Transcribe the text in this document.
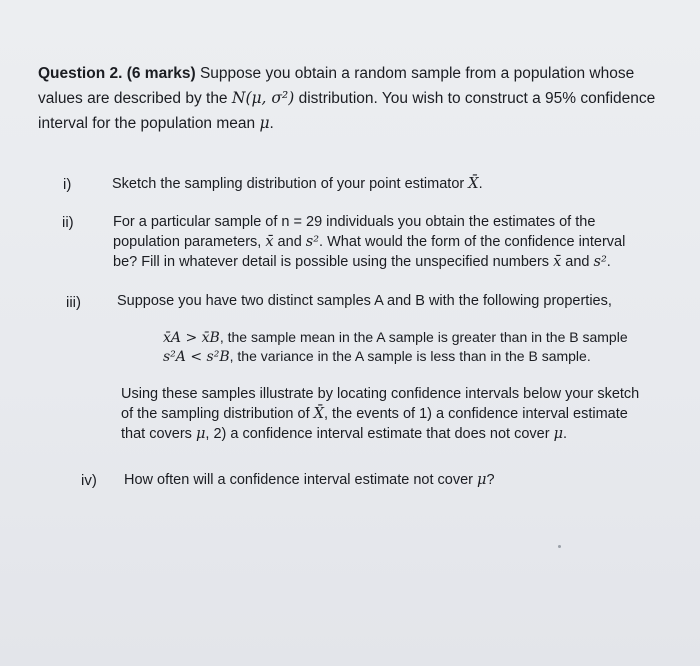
Question 2. (6 marks) Suppose you obtain a random sample from a population whose values are described by the N(μ, σ²) distribution. You wish to construct a 95% confidence interval for the population mean μ.
i)	Sketch the sampling distribution of your point estimator X̄.
ii)	For a particular sample of n = 29 individuals you obtain the estimates of the population parameters, x̄ and s². What would the form of the confidence interval be? Fill in whatever detail is possible using the unspecified numbers x̄ and s².
iii) Suppose you have two distinct samples A and B with the following properties,
x̄A > x̄B, the sample mean in the A sample is greater than in the B sample
s²A < s²B, the variance in the A sample is less than in the B sample.
Using these samples illustrate by locating confidence intervals below your sketch of the sampling distribution of X̄, the events of 1) a confidence interval estimate that covers μ, 2) a confidence interval estimate that does not cover μ.
iv) How often will a confidence interval estimate not cover μ?
